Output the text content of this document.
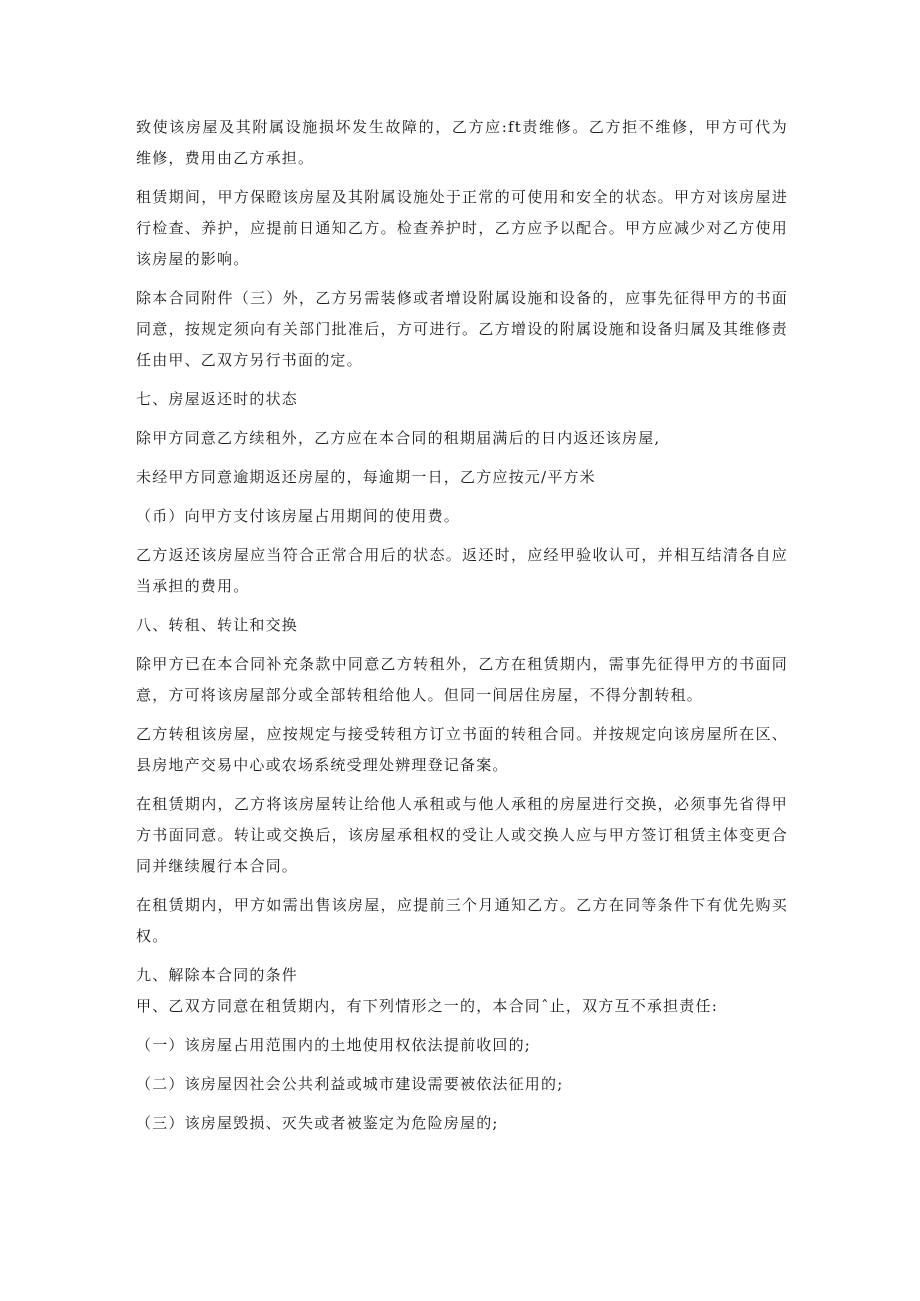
致使该房屋及其附属设施损坏发生故障的，乙方应:ft责维修。乙方拒不维修，甲方可代为维修，费用由乙方承担。

租赁期间，甲方保瞪该房屋及其附属设施处于正常的可使用和安全的状态。甲方对该房屋进行检查、养护，应提前日通知乙方。检查养护时，乙方应予以配合。甲方应减少对乙方使用该房屋的影响。

除本合同附件（三）外，乙方另需装修或者增设附属设施和设备的，应事先征得甲方的书面同意，按规定须向有关部门批准后，方可进行。乙方增设的附属设施和设备归属及其维修责任由甲、乙双方另行书面的定。

七、房屋返还时的状态

除甲方同意乙方续租外，乙方应在本合同的租期届满后的日内返还该房屋,

未经甲方同意逾期返还房屋的，每逾期一日，乙方应按元/平方米

（币）向甲方支付该房屋占用期间的使用费。

乙方返还该房屋应当符合正常合用后的状态。返还时，应经甲验收认可，并相互结清各自应当承担的费用。

八、转租、转让和交换

除甲方已在本合同补充条款中同意乙方转租外，乙方在租赁期内，需事先征得甲方的书面同意，方可将该房屋部分或全部转租给他人。但同一间居住房屋，不得分割转租。

乙方转租该房屋，应按规定与接受转租方订立书面的转租合同。并按规定向该房屋所在区、县房地产交易中心或农场系统受理处辨理登记备案。

在租赁期内，乙方将该房屋转让给他人承租或与他人承租的房屋进行交换，必须事先省得甲方书面同意。转让或交换后，该房屋承租权的受让人或交换人应与甲方签订租赁主体变更合同并继续履行本合同。

在租赁期内，甲方如需出售该房屋，应提前三个月通知乙方。乙方在同等条件下有优先购买权。

九、解除本合同的条件

甲、乙双方同意在租赁期内，有下列情形之一的，本合同ˆ止，双方互不承担责任:

（一）该房屋占用范围内的土地使用权依法提前收回的;

（二）该房屋因社会公共利益或城市建设需要被依法征用的;

（三）该房屋毁损、灭失或者被鉴定为危险房屋的;
